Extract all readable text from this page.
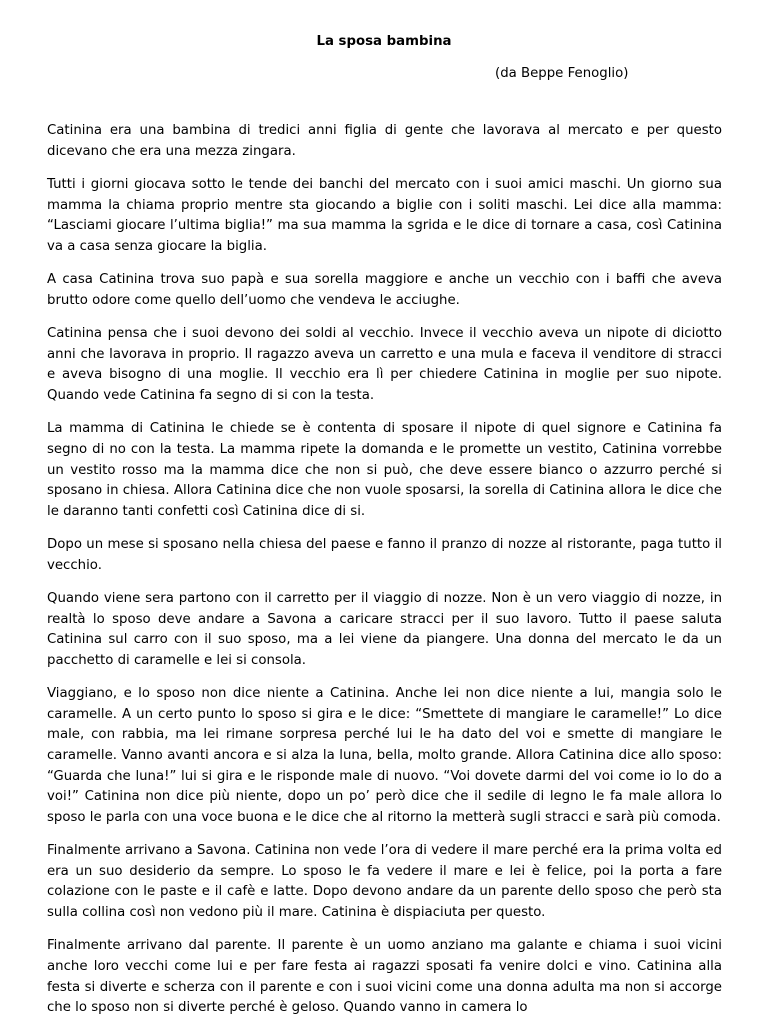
La sposa bambina

(da Beppe Fenoglio)

Catinina era una bambina di tredici anni figlia di gente che lavorava al mercato e per questo dicevano che era una mezza zingara.

Tutti i giorni giocava sotto le tende dei banchi del mercato con i suoi amici maschi. Un giorno sua mamma la chiama proprio mentre sta giocando a biglie con i soliti maschi. Lei dice alla mamma: “Lasciami giocare l’ultima biglia!” ma sua mamma la sgrida e le dice di tornare a casa, così Catinina va a casa senza giocare la biglia.

A casa Catinina trova suo papà e sua sorella maggiore e anche un vecchio con i baffi che aveva brutto odore come quello dell’uomo che vendeva le acciughe.

Catinina pensa che i suoi devono dei soldi al vecchio. Invece il vecchio aveva un nipote di diciotto anni che lavorava in proprio. Il ragazzo aveva un carretto e una mula e faceva il venditore di stracci e aveva bisogno di una moglie. Il vecchio era lì per chiedere Catinina in moglie per suo nipote. Quando vede Catinina fa segno di si con la testa.

La mamma di Catinina le chiede se è contenta di sposare il nipote di quel signore e Catinina fa segno di no con la testa. La mamma ripete la domanda e le promette un vestito, Catinina vorrebbe un vestito rosso ma la mamma dice che non si può, che deve essere bianco o azzurro perché si sposano in chiesa. Allora Catinina dice che non vuole sposarsi, la sorella di Catinina allora le dice che le daranno tanti confetti così Catinina dice di si.

Dopo un mese si sposano nella chiesa del paese e fanno il pranzo di nozze al ristorante, paga tutto il vecchio.

Quando viene sera partono con il carretto per il viaggio di nozze. Non è un vero viaggio di nozze, in realtà lo sposo deve andare a Savona a caricare stracci per il suo lavoro. Tutto il paese saluta Catinina sul carro con il suo sposo, ma a lei viene da piangere. Una donna del mercato le da un pacchetto di caramelle e lei si consola.

Viaggiano, e lo sposo non dice niente a Catinina. Anche lei non dice niente a lui, mangia solo le caramelle. A un certo punto lo sposo si gira e le dice: “Smettete di mangiare le caramelle!” Lo dice male, con rabbia, ma lei rimane sorpresa perché lui le ha dato del voi e smette di mangiare le caramelle. Vanno avanti ancora e si alza la luna, bella, molto grande. Allora Catinina dice allo sposo: “Guarda che luna!” lui si gira e le risponde male di nuovo. “Voi dovete darmi del voi come io lo do a voi!” Catinina non dice più niente, dopo un po’ però dice che il sedile di legno le fa male allora lo sposo le parla con una voce buona e le dice che al ritorno la metterà sugli stracci e sarà più comoda.

Finalmente arrivano a Savona. Catinina non vede l’ora di vedere il mare perché era la prima volta ed era un suo desiderio da sempre. Lo sposo le fa vedere il mare e lei è felice, poi la porta a fare colazione con le paste e il cafè e latte. Dopo devono andare da un parente dello sposo che però sta sulla collina così non vedono più il mare. Catinina è dispiaciuta per questo.

Finalmente arrivano dal parente. Il parente è un uomo anziano ma galante e chiama i suoi vicini anche loro vecchi come lui e per fare festa ai ragazzi sposati fa venire dolci e vino. Catinina alla festa si diverte e scherza con il parente e con i suoi vicini come una donna adulta ma non si accorge che lo sposo non si diverte perché è geloso. Quando vanno in camera lo
